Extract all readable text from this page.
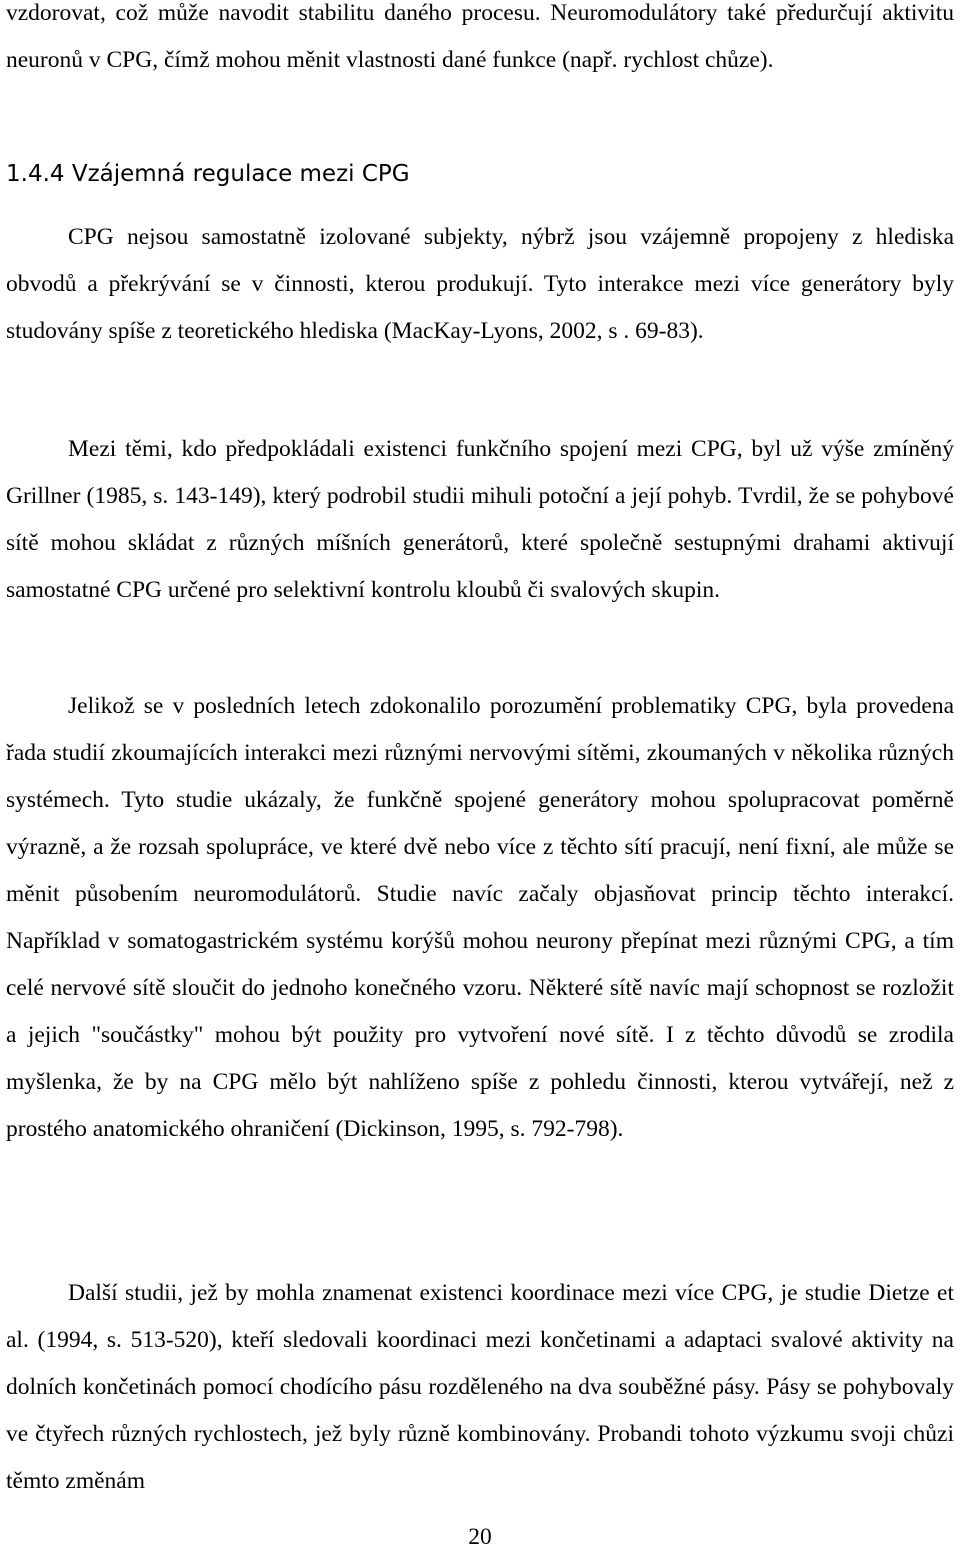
vzdorovat, což může navodit stabilitu daného procesu. Neuromodulátory také předurčují aktivitu neuronů v CPG, čímž mohou měnit vlastnosti dané funkce (např. rychlost chůze).

1.4.4 Vzájemná regulace mezi CPG

CPG nejsou samostatně izolované subjekty, nýbrž jsou vzájemně propojeny z hlediska obvodů a překrývání se v činnosti, kterou produkují. Tyto interakce mezi více generátory byly studovány spíše z teoretického hlediska (MacKay-Lyons, 2002, s . 69-83).

Mezi těmi, kdo předpokládali existenci funkčního spojení mezi CPG, byl už výše zmíněný Grillner (1985, s. 143-149), který podrobil studii mihuli potoční a její pohyb. Tvrdil, že se pohybové sítě mohou skládat z různých míšních generátorů, které společně sestupnými drahami aktivují samostatné CPG určené pro selektivní kontrolu kloubů či svalových skupin.

Jelikož se v posledních letech zdokonalilo porozumění problematiky CPG, byla provedena řada studií zkoumajících interakci mezi různými nervovými sítěmi, zkoumaných v několika různých systémech. Tyto studie ukázaly, že funkčně spojené generátory mohou spolupracovat poměrně výrazně, a že rozsah spolupráce, ve které dvě nebo více z těchto sítí pracují, není fixní, ale může se měnit působením neuromodulátorů. Studie navíc začaly objasňovat princip těchto interakcí. Například v somatogastrickém systému korýšů mohou neurony přepínat mezi různými CPG, a tím celé nervové sítě sloučit do jednoho konečného vzoru. Některé sítě navíc mají schopnost se rozložit a jejich "součástky" mohou být použity pro vytvoření nové sítě. I z těchto důvodů se zrodila myšlenka, že by na CPG mělo být nahlíženo spíše z pohledu činnosti, kterou vytvářejí, než z prostého anatomického ohraničení (Dickinson, 1995, s. 792-798).

Další studii, jež by mohla znamenat existenci koordinace mezi více CPG, je studie Dietze et al. (1994, s. 513-520), kteří sledovali koordinaci mezi končetinami a adaptaci svalové aktivity na dolních končetinách pomocí chodícího pásu rozděleného na dva souběžné pásy. Pásy se pohybovaly ve čtyřech různých rychlostech, jež byly různě kombinovány. Probandi tohoto výzkumu svoji chůzi těmto změnám

20
